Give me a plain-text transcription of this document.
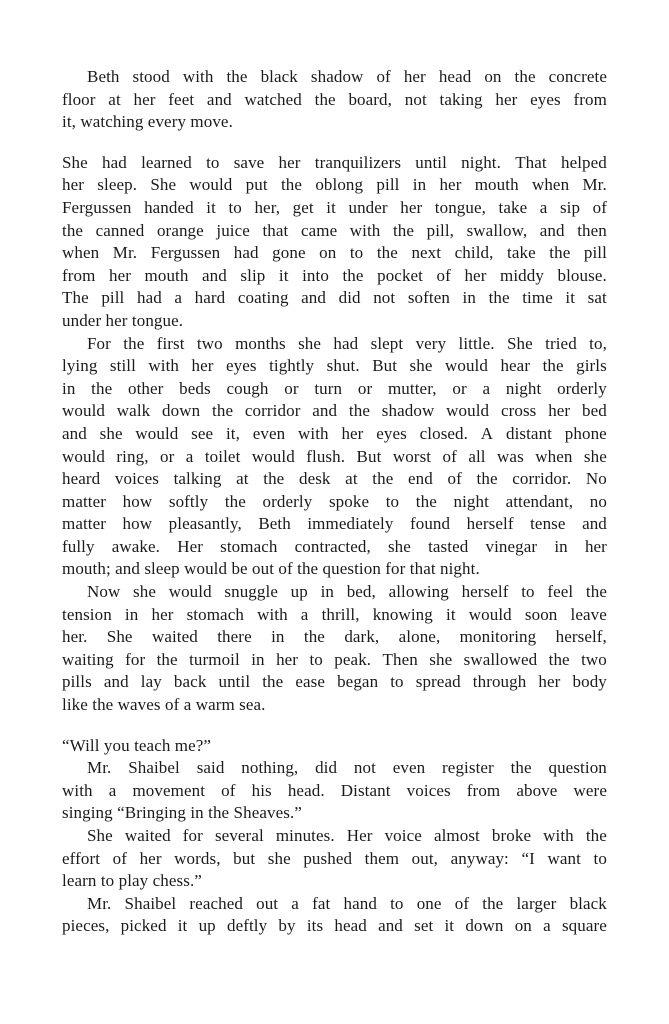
Beth stood with the black shadow of her head on the concrete
floor at her feet and watched the board, not taking her eyes from
it, watching every move.
She had learned to save her tranquilizers until night. That helped
her sleep. She would put the oblong pill in her mouth when Mr.
Fergussen handed it to her, get it under her tongue, take a sip of
the canned orange juice that came with the pill, swallow, and then
when Mr. Fergussen had gone on to the next child, take the pill
from her mouth and slip it into the pocket of her middy blouse.
The pill had a hard coating and did not soften in the time it sat
under her tongue.
For the first two months she had slept very little. She tried to,
lying still with her eyes tightly shut. But she would hear the girls
in the other beds cough or turn or mutter, or a night orderly
would walk down the corridor and the shadow would cross her bed
and she would see it, even with her eyes closed. A distant phone
would ring, or a toilet would flush. But worst of all was when she
heard voices talking at the desk at the end of the corridor. No
matter how softly the orderly spoke to the night attendant, no
matter how pleasantly, Beth immediately found herself tense and
fully awake. Her stomach contracted, she tasted vinegar in her
mouth; and sleep would be out of the question for that night.
Now she would snuggle up in bed, allowing herself to feel the
tension in her stomach with a thrill, knowing it would soon leave
her. She waited there in the dark, alone, monitoring herself,
waiting for the turmoil in her to peak. Then she swallowed the two
pills and lay back until the ease began to spread through her body
like the waves of a warm sea.
“Will you teach me?”
Mr. Shaibel said nothing, did not even register the question
with a movement of his head. Distant voices from above were
singing “Bringing in the Sheaves.”
She waited for several minutes. Her voice almost broke with the
effort of her words, but she pushed them out, anyway: “I want to
learn to play chess.”
Mr. Shaibel reached out a fat hand to one of the larger black
pieces, picked it up deftly by its head and set it down on a square
